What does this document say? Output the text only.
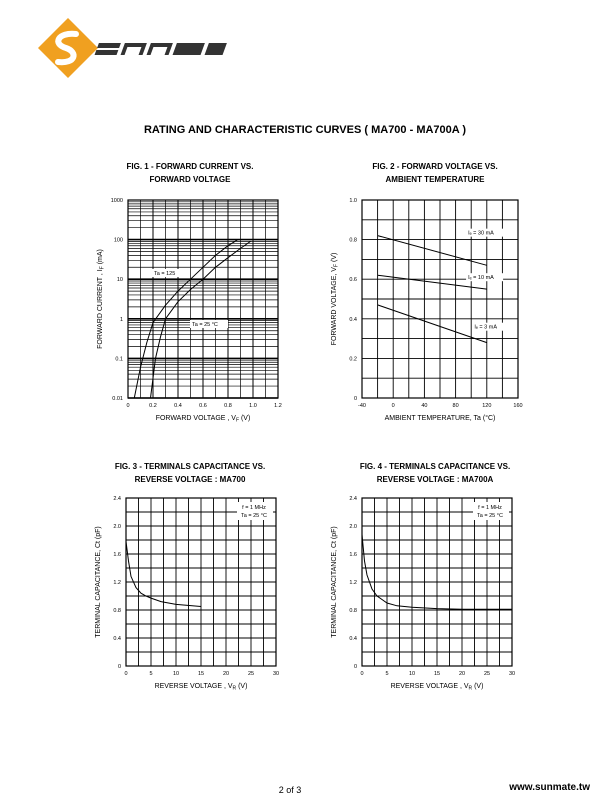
RATING AND CHARACTERISTIC CURVES ( MA700 - MA700A )
FIG. 1 - FORWARD CURRENT VS.
FORWARD VOLTAGE
FIG. 2 - FORWARD VOLTAGE VS.
AMBIENT TEMPERATURE
FIG. 3 - TERMINALS CAPACITANCE VS.
REVERSE VOLTAGE : MA700
FIG. 4 - TERMINALS CAPACITANCE VS.
REVERSE VOLTAGE : MA700A
0	0.2	0.4	0.6	0.8	1.0	1.2
0.01
0.1
1
10
100
1000
FORWARD VOLTAGE , $V_F$ (V)
FORWARD CURRENT , $I_F$ (mA)
Ta = 125
Ta = 25 °C
-40	0	40	80	120	160
0
0.2
0.4
0.6
0.8
1.0
AMBIENT TEMPERATURE, Ta (°C)
FORWARD VOLTAGE, $V_F$ (V)
Iₑ = 30 mA
Iₑ = 10 mA
Iₑ = 3 mA
0	5	10	15	20	25	30
0
0.4
0.8
1.2
1.6
2.0
2.4
REVERSE VOLTAGE , $V_R$ (V)
TERMINAL CAPACITANCE, Ct (pF)
f = 1 MHz
Ta = 25 °C
0	5	10	15	20	25	30
0
0.4
0.8
1.2
1.6
2.0
2.4
REVERSE VOLTAGE , $V_R$ (V)
TERMINAL CAPACITANCE, Ct (pF)
f = 1 MHz
Ta = 25 °C
2 of 3	www.sunmate.tw
